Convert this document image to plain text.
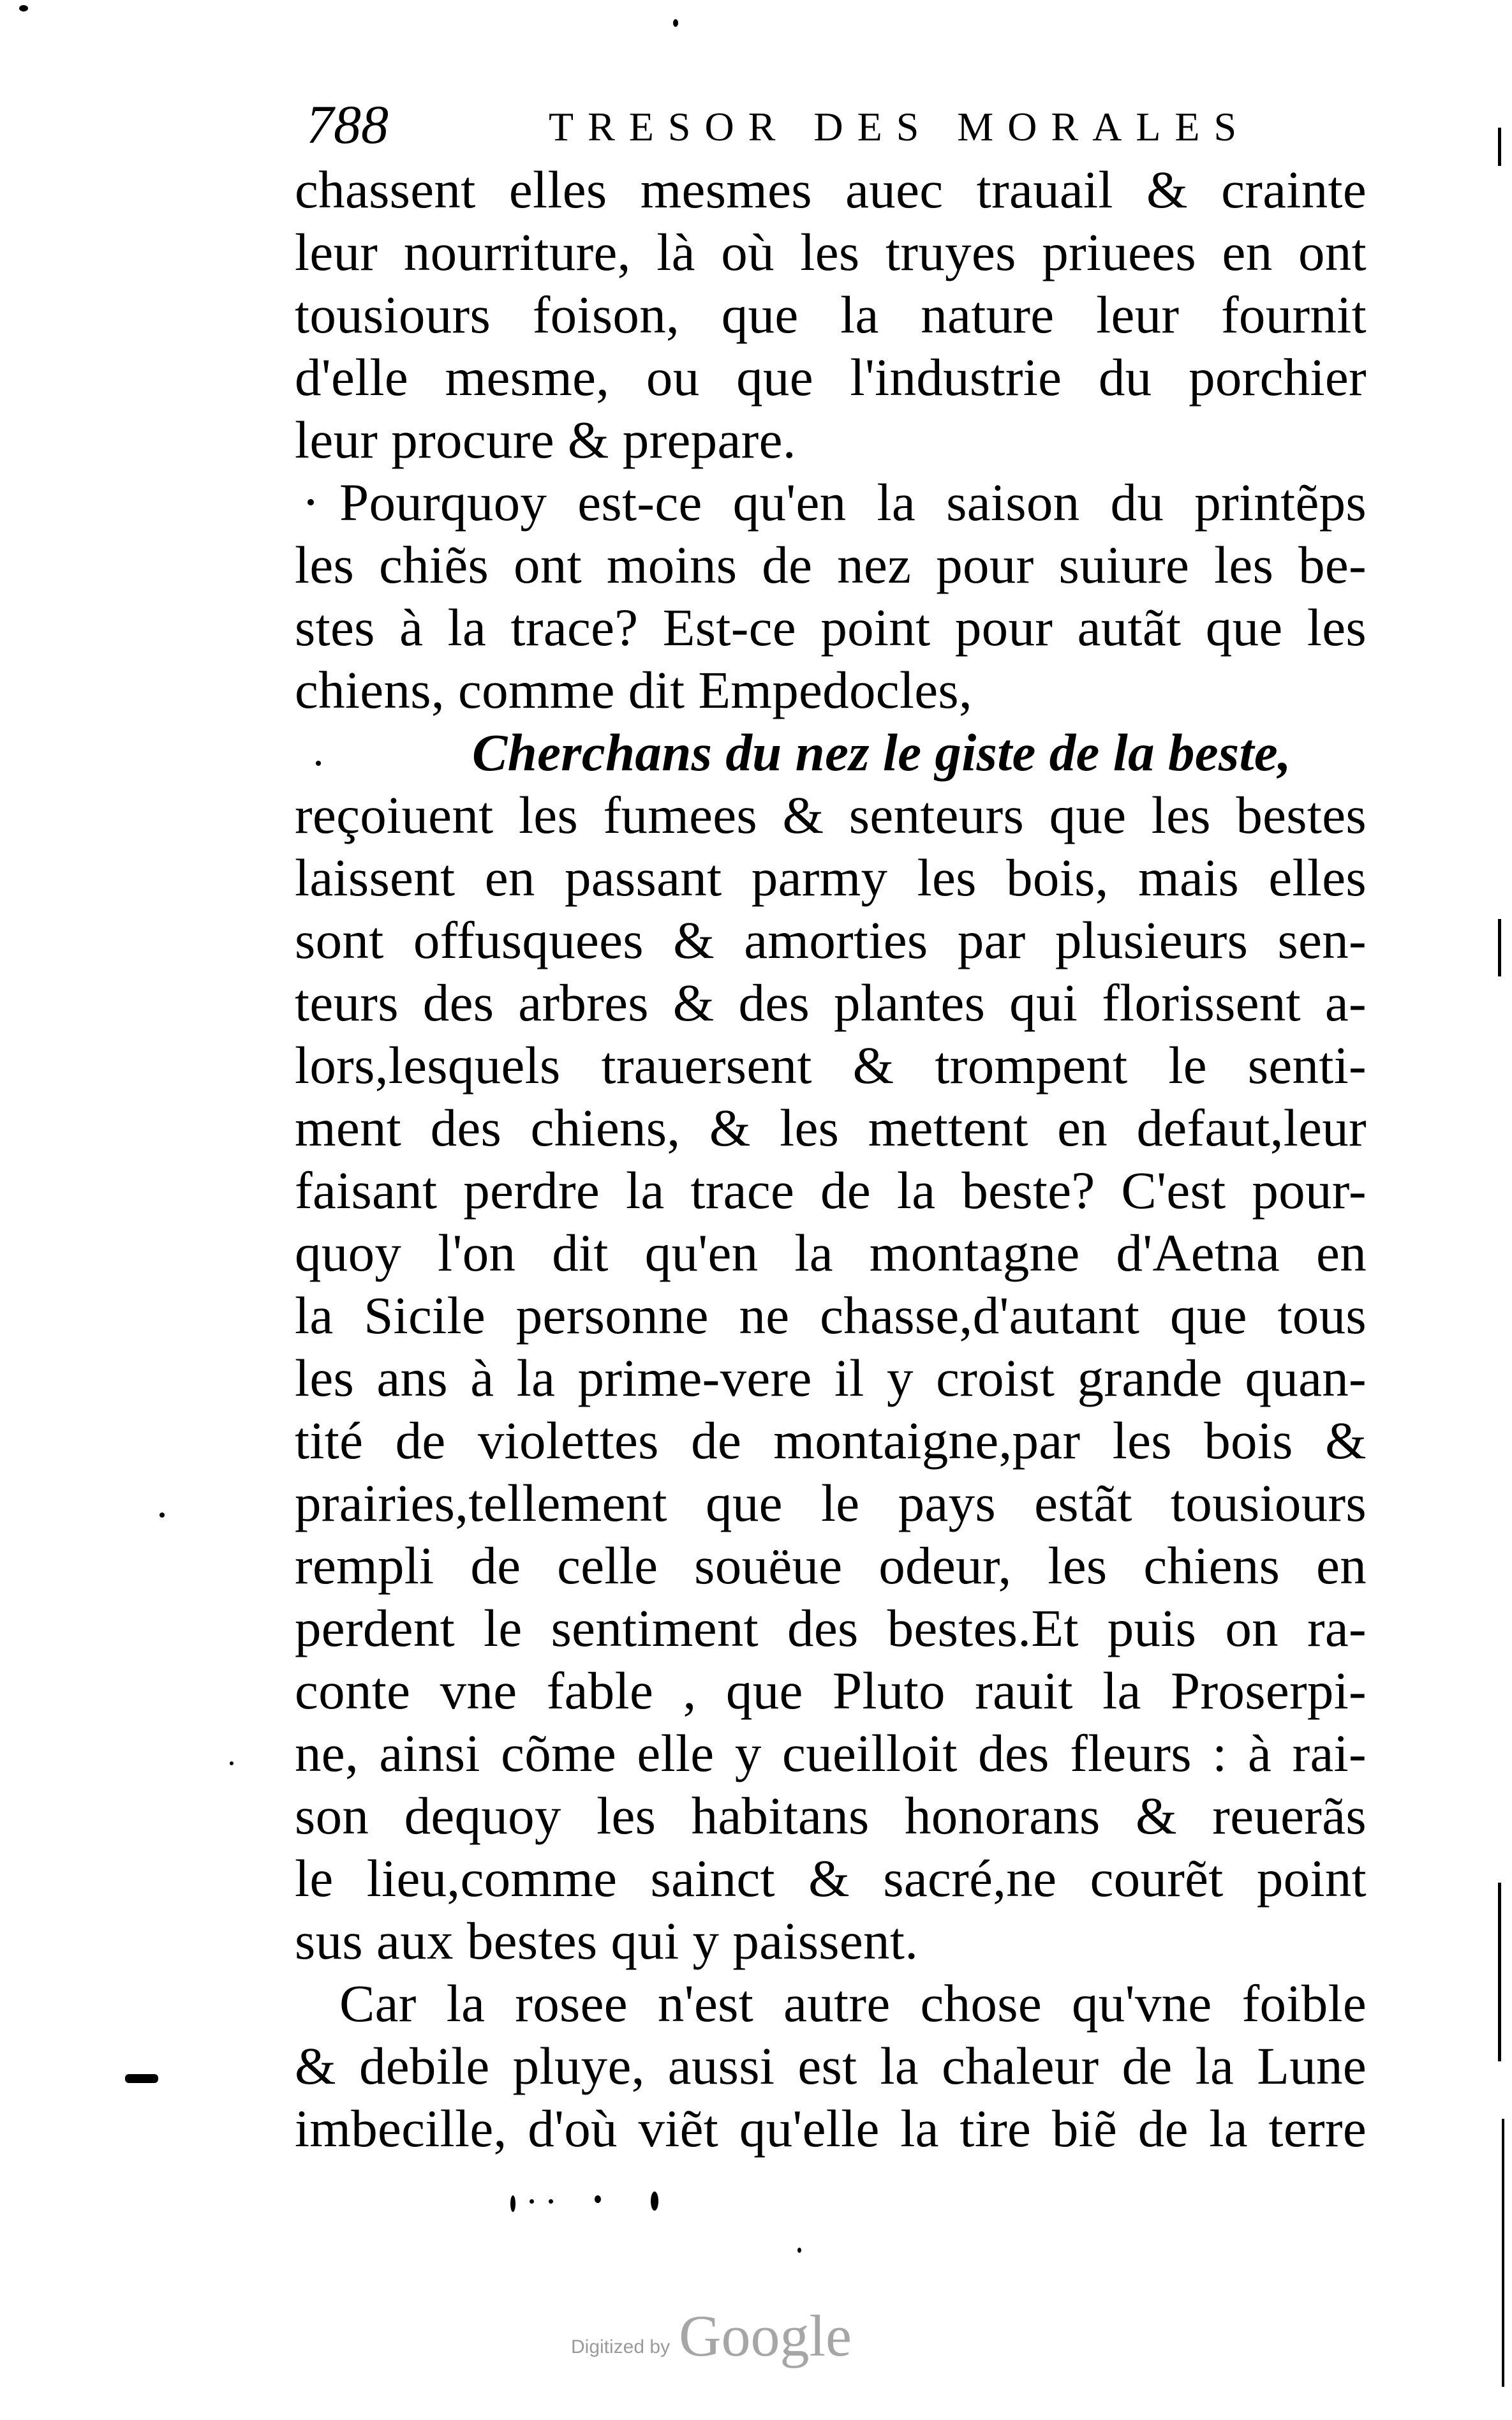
788	TRESOR DES MORALES
chassent elles mesmes auec trauail & crainte
leur nourriture, là où les truyes priuees en ont
tousiours foison, que la nature leur fournit
d'elle mesme, ou que l'industrie du porchier
leur procure & prepare.
Pourquoy est-ce qu'en la saison du printẽps
les chiẽs ont moins de nez pour suiure les be-
stes à la trace? Est-ce point pour autãt que les
chiens, comme dit Empedocles,
Cherchans du nez le giste de la beste,
reçoiuent les fumees & senteurs que les bestes
laissent en passant parmy les bois, mais elles
sont offusquees & amorties par plusieurs sen-
teurs des arbres & des plantes qui florissent a-
lors,lesquels trauersent & trompent le senti-
ment des chiens, & les mettent en defaut,leur
faisant perdre la trace de la beste? C'est pour-
quoy l'on dit qu'en la montagne d'Aetna en
la Sicile personne ne chasse,d'autant que tous
les ans à la prime-vere il y croist grande quan-
tité de violettes de montaigne,par les bois &
prairies,tellement que le pays estãt tousiours
rempli de celle souëue odeur, les chiens en
perdent le sentiment des bestes.Et puis on ra-
conte vne fable , que Pluto rauit la Proserpi-
ne, ainsi cõme elle y cueilloit des fleurs : à rai-
son dequoy les habitans honorans & reuerãs
le lieu,comme sainct & sacré,ne courẽt point
sus aux bestes qui y paissent.
Car la rosee n'est autre chose qu'vne foible
& debile pluye, aussi est la chaleur de la Lune
imbecille, d'où viẽt qu'elle la tire biẽ de la terre
Digitized by Google
